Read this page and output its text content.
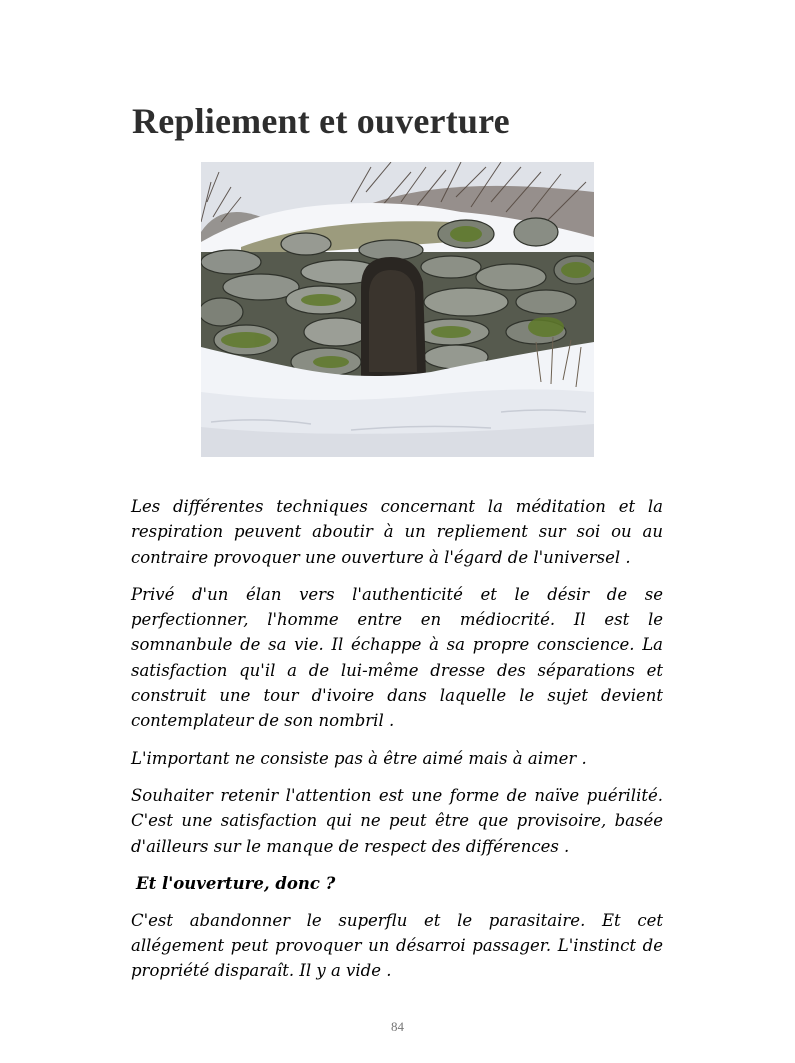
Repliement et ouverture

Les différentes techniques concernant la méditation et la respiration peuvent aboutir à un repliement sur soi ou au contraire provoquer une ouverture à l'égard de l'universel .

Privé d'un élan vers l'authenticité et le désir de se perfectionner, l'homme entre en médiocrité. Il est le somnanbule de sa vie. Il échappe à sa propre conscience. La satisfaction qu'il a de lui-même dresse des séparations et construit une tour d'ivoire dans laquelle le sujet devient contemplateur de son nombril .

L'important ne consiste pas à être aimé mais à aimer .

Souhaiter retenir l'attention est une forme de naïve puérilité. C'est une satisfaction qui ne peut être que provisoire, basée d'ailleurs sur le manque de respect des différences .

Et l'ouverture, donc ?

C'est abandonner le superflu et le parasitaire. Et cet allégement peut provoquer un désarroi passager. L'instinct de propriété disparaît. Il y a vide .

84
